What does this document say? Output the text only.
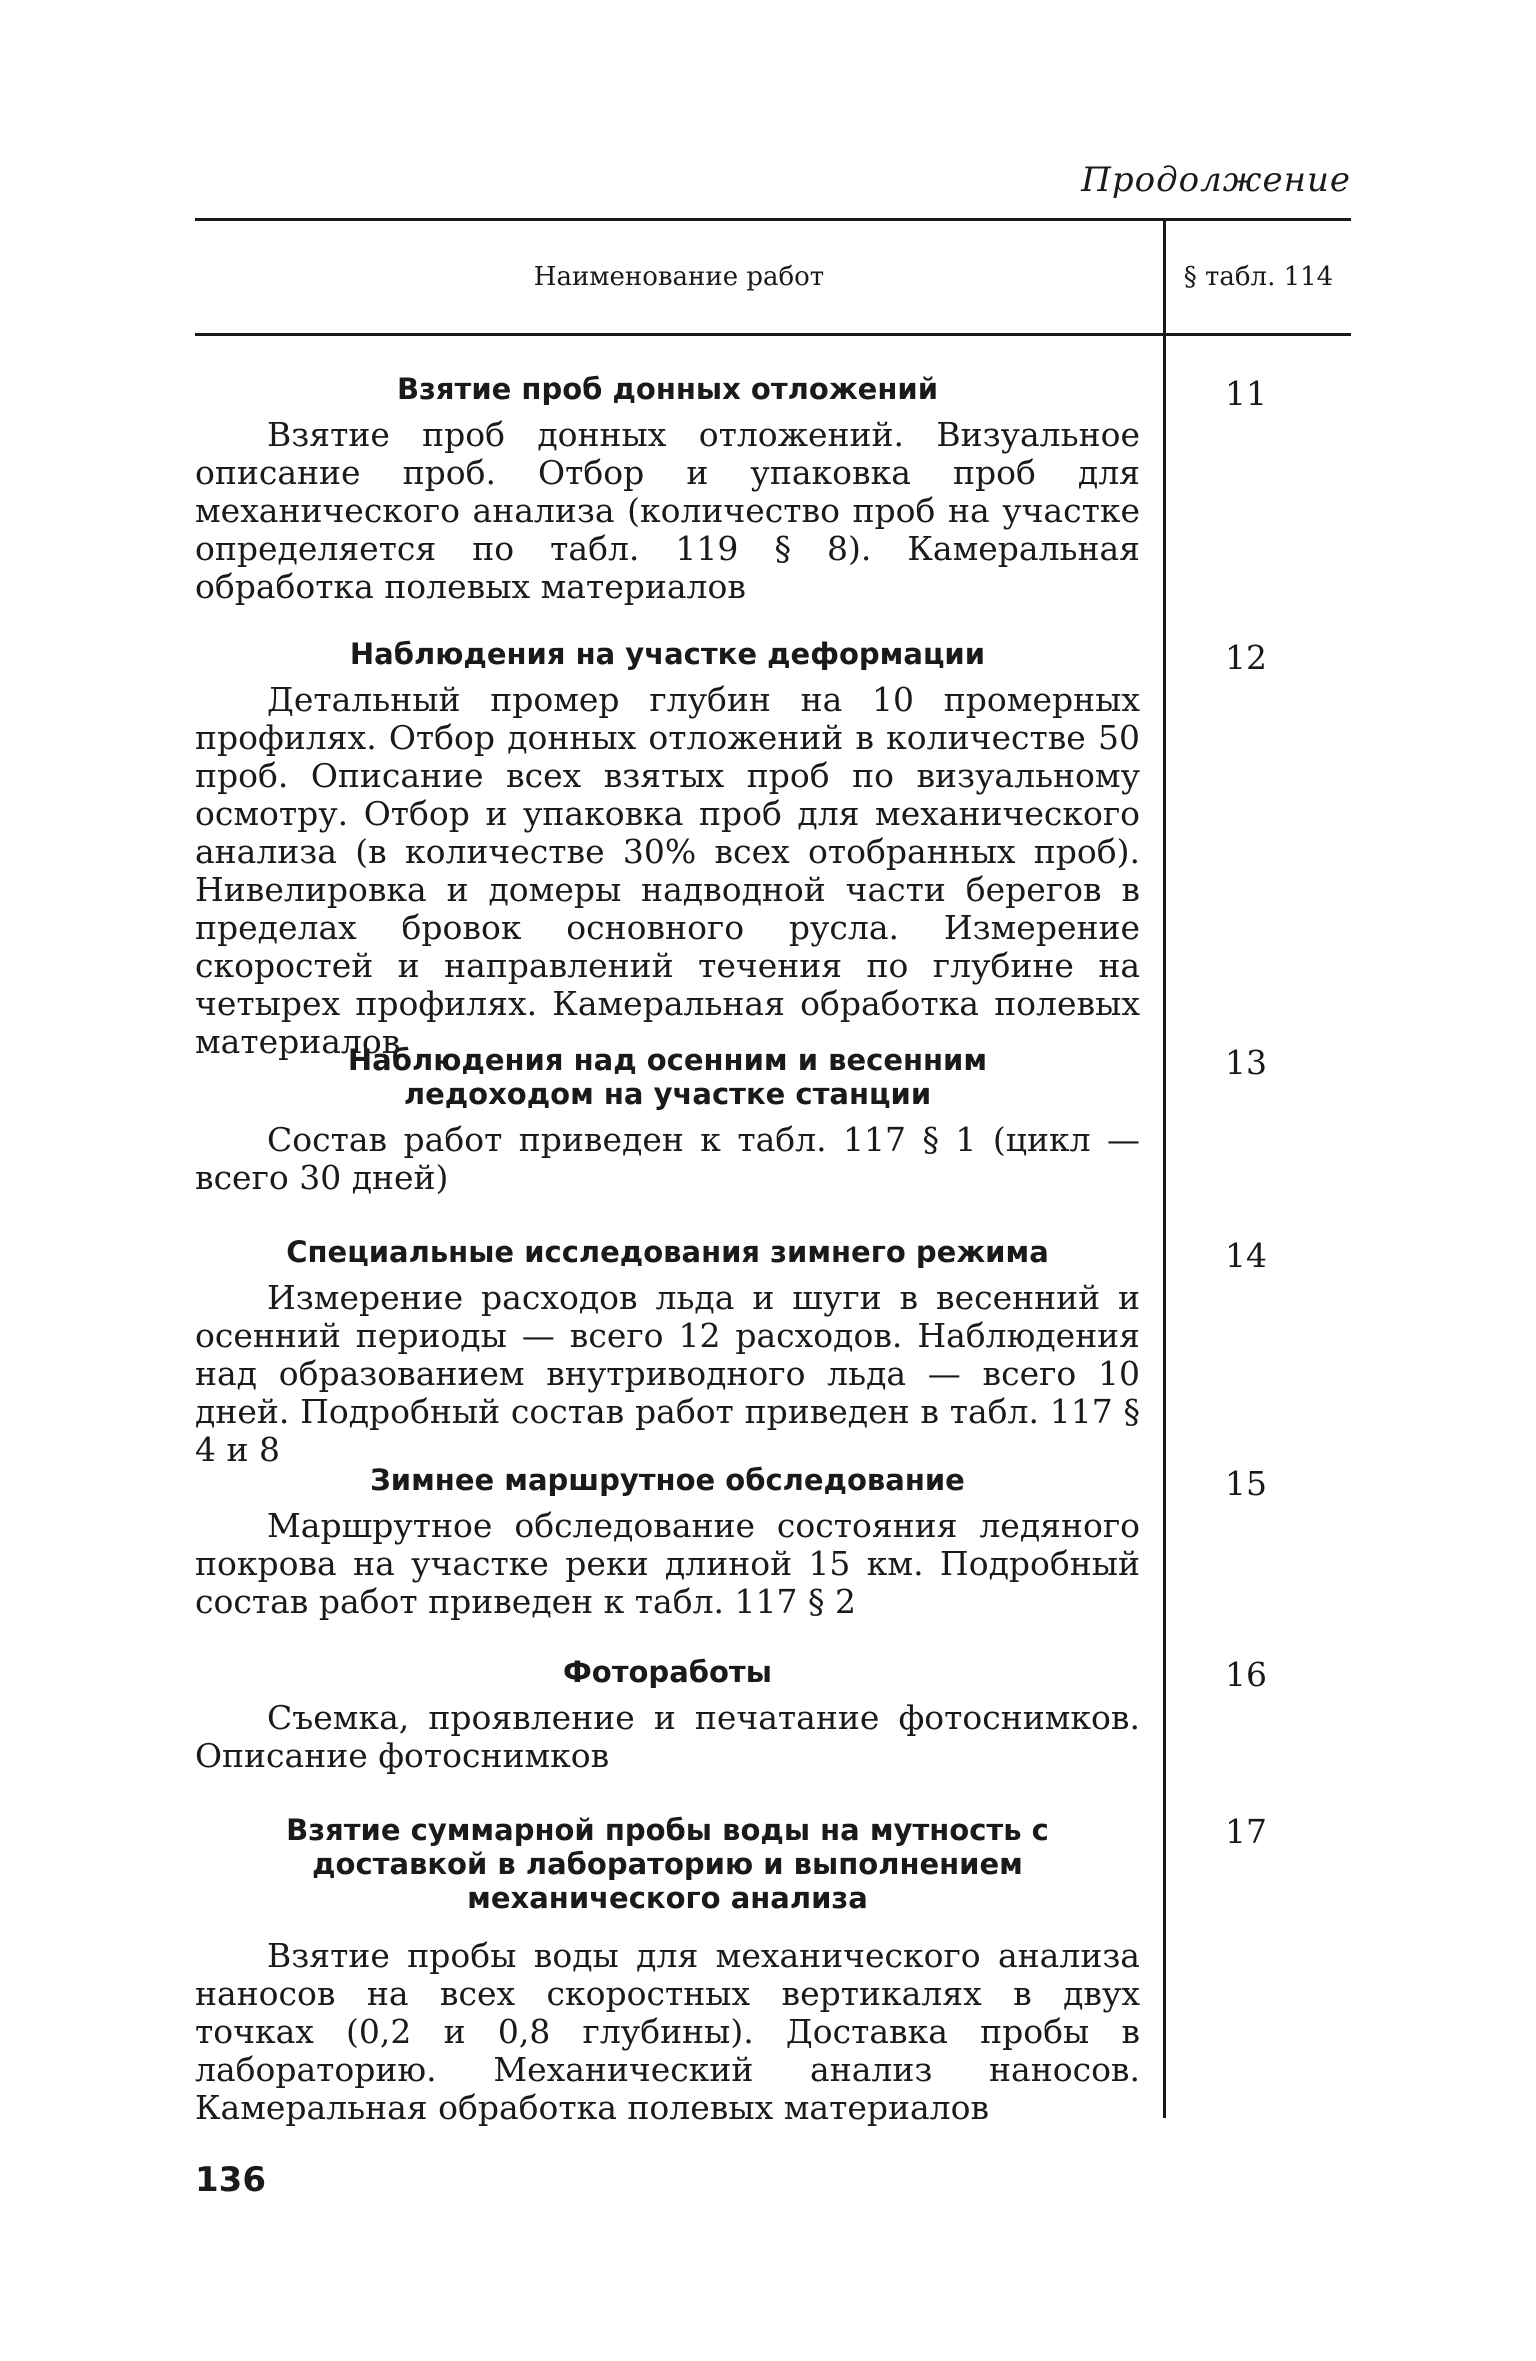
Продолжение
Наименование работ	§ табл. 114
Взятие проб донных отложений

Взятие проб донных отложений. Визуальное описание проб. Отбор и упаковка проб для механического анализа (количество проб на участке определяется по табл. 119 § 8). Камеральная обработка полевых материалов

11
Наблюдения на участке деформации

Детальный промер глубин на 10 промерных профилях. Отбор донных отложений в количестве 50 проб. Описание всех взятых проб по визуальному осмотру. Отбор и упаковка проб для механического анализа (в количестве 30% всех отобранных проб). Нивелировка и домеры надводной части берегов в пределах бровок основного русла. Измерение скоростей и направлений течения по глубине на четырех профилях. Камеральная обработка полевых материалов

12
Наблюдения над осенним и весенним ледоходом на участке станции

Состав работ приведен к табл. 117 § 1 (цикл — всего 30 дней)

13
Специальные исследования зимнего режима

Измерение расходов льда и шуги в весенний и осенний периоды — всего 12 расходов. Наблюдения над образованием внутриводного льда — всего 10 дней. Подробный состав работ приведен в табл. 117 § 4 и 8

14
Зимнее маршрутное обследование

Маршрутное обследование состояния ледяного покрова на участке реки длиной 15 км. Подробный состав работ приведен к табл. 117 § 2

15
Фотоработы

Съемка, проявление и печатание фотоснимков. Описание фотоснимков

16
Взятие суммарной пробы воды на мутность с доставкой в лабораторию и выполнением механического анализа

Взятие пробы воды для механического анализа наносов на всех скоростных вертикалях в двух точках (0,2 и 0,8 глубины). Доставка пробы в лабораторию. Механический анализ наносов. Камеральная обработка полевых материалов

17
136
